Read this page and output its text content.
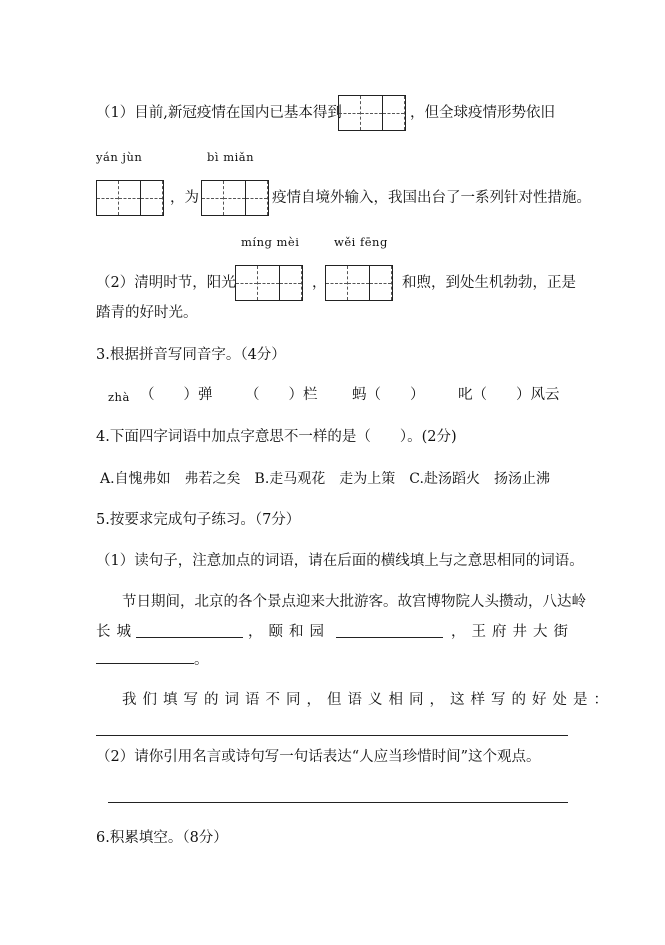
（1）目前,新冠疫情在国内已基本得到	，但全球疫情形势依旧
yán jùn	bì miǎn
，为	疫情自境外输入，我国出台了一系列针对性措施。
míng mèi	wěi fēng
（2）清明时节，阳光	，	和煦，到处生机勃勃，正是
踏青的好时光。
3.根据拼音写同音字。（4分）
zhà （　　）弹 （　　）栏 蚂（　　） 叱（　　）风云
4.下面四字词语中加点字意思不一样的是（　　）。(2分)
A.自愧弗如　弗若之矣　B.走马观花　走为上策　C.赴汤蹈火　扬汤止沸
5.按要求完成句子练习。（7分）
（1）读句子，注意加点的词语，请在后面的横线填上与之意思相同的词语。
节日期间，北京的各个景点迎来大批游客。故宫博物院人头攒动，八达岭
长城	，颐和园	，王府井大街
。
我们填写的词语不同，但语义相同，这样写的好处是：
（2）请你引用名言或诗句写一句话表达“人应当珍惜时间”这个观点。
6.积累填空。（8分）
